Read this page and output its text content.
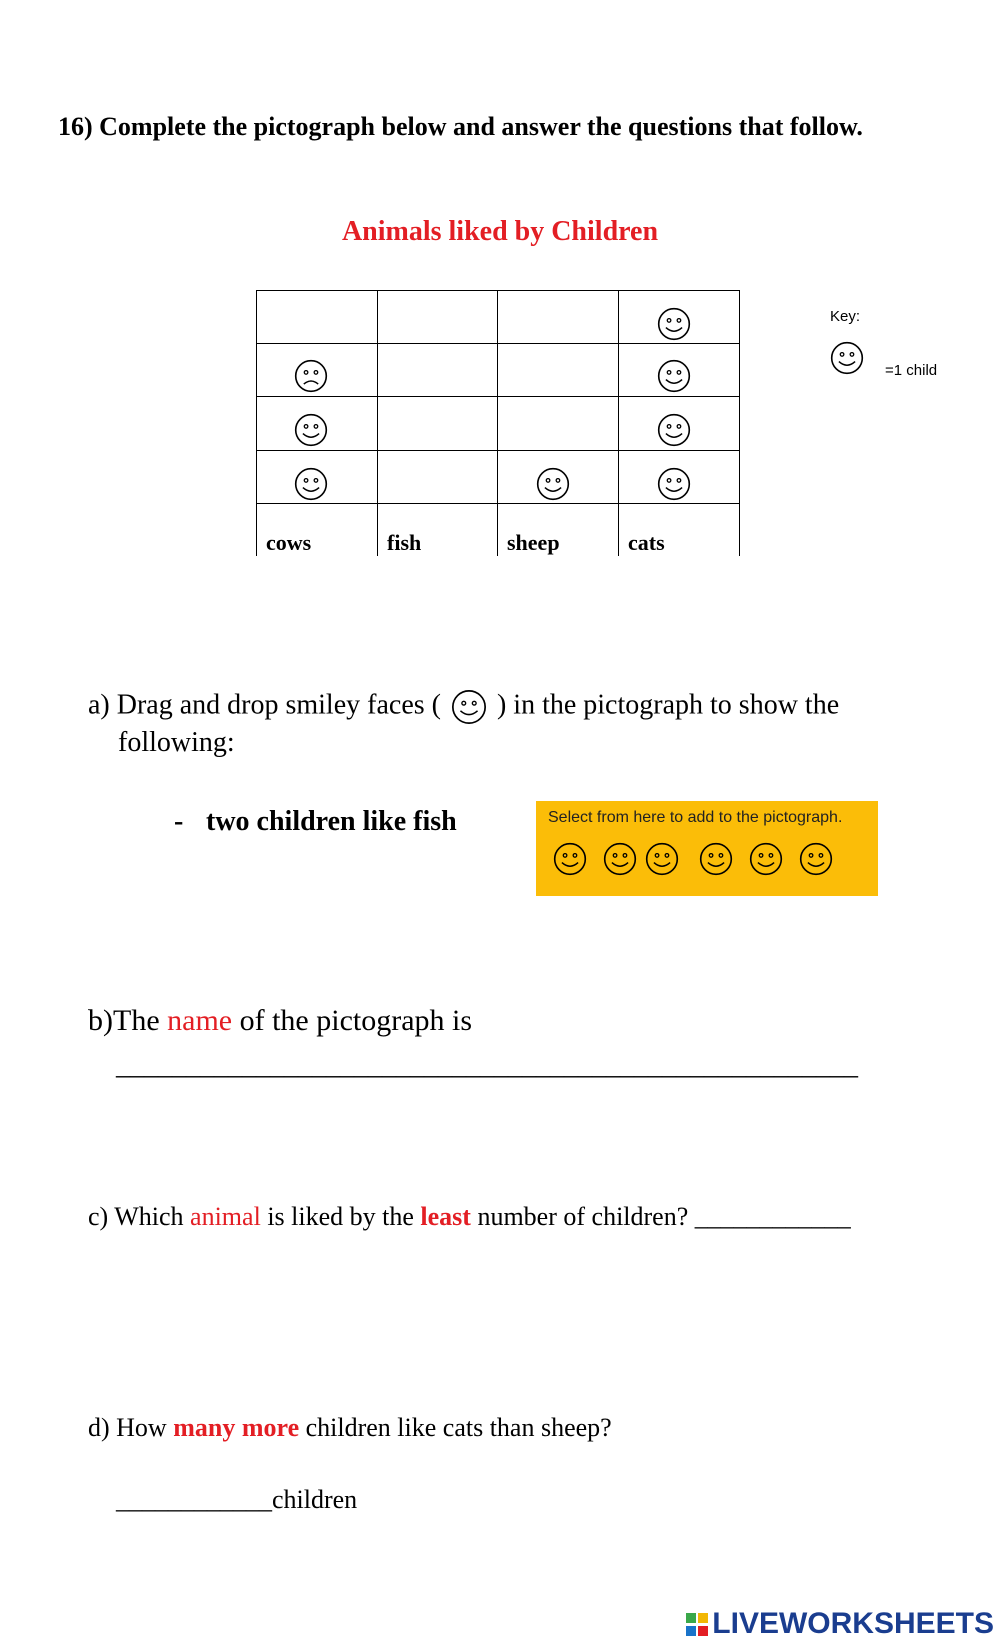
16) Complete the pictograph below and answer the questions that follow.
Animals liked by Children
cows	fish	sheep	cats
Key:
=1 child
a) Drag and drop smiley faces ( ) in the pictograph to show the
following:
- two children like fish	Select from here to add to the pictograph.
b)The name of the pictograph is
_____________________________________________________
c) Which animal is liked by the least number of children? ____________
d) How many more children like cats than sheep?
____________children
LIVEWORKSHEETS
